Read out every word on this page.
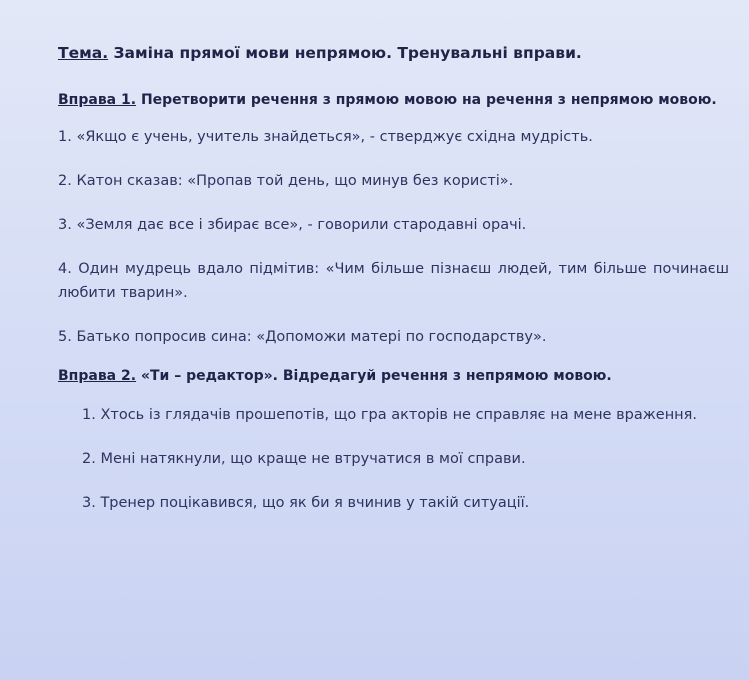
Тема. Заміна прямої мови непрямою. Тренувальні вправи.
Вправа 1. Перетворити речення з прямою мовою на речення з непрямою мовою.

1. «Якщо є учень, учитель знайдеться», - стверджує східна мудрість.

2. Катон сказав: «Пропав той день, що минув без користі».

3. «Земля дає все і збирає все», - говорили стародавні орачі.

4. Один мудрець вдало підмітив: «Чим більше пізнаєш людей, тим більше починаєш любити тварин».

5. Батько попросив сина: «Допоможи матері по господарству».

Вправа 2. «Ти – редактор». Відредагуй речення з непрямою мовою.
1. Хтось із глядачів прошепотів, що гра акторів не справляє на мене враження.
2. Мені натякнули, що краще не втручатися в мої справи.
3. Тренер поцікавився, що як би я вчинив у такій ситуації.
